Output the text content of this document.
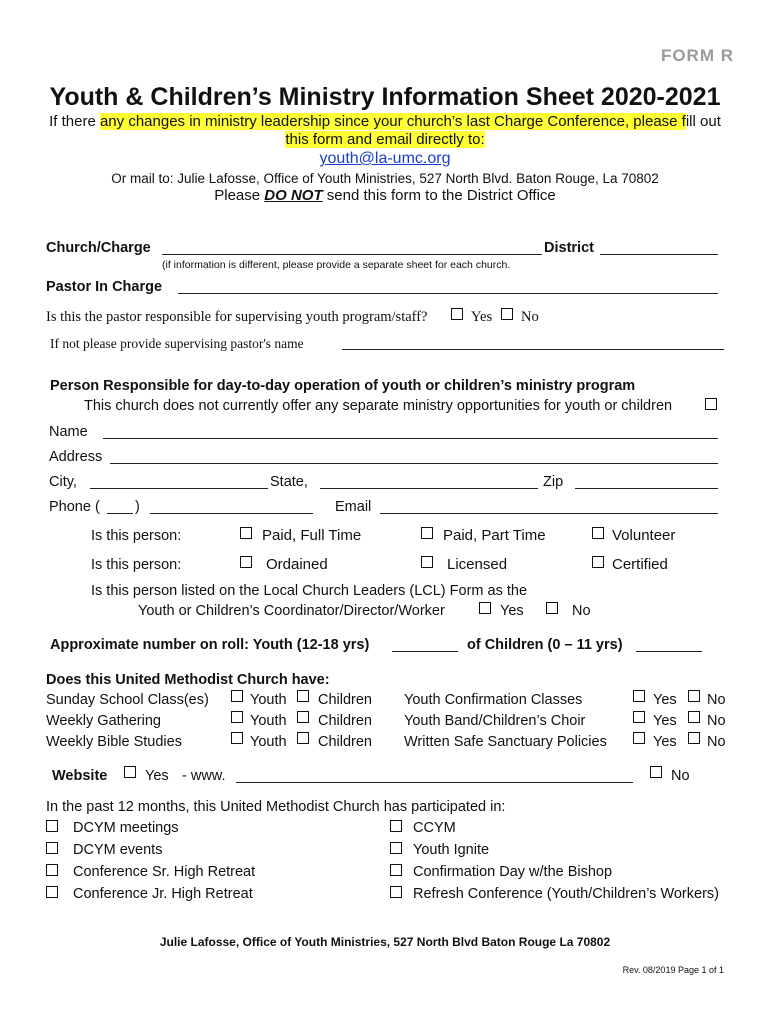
FORM R
Youth & Children’s Ministry Information Sheet 2020-2021
If there any changes in ministry leadership since your church’s last Charge Conference, please fill out
this form and email directly to:
youth@la-umc.org
Or mail to: Julie Lafosse, Office of Youth Ministries, 527 North Blvd. Baton Rouge, La 70802
Please DO NOT send this form to the District Office
Church/Charge	District
(if information is different, please provide a separate sheet for each church.
Pastor In Charge
Is this the pastor responsible for supervising youth program/staff?	Yes No
If not please provide supervising pastor's name
Person Responsible for day-to-day operation of youth or children’s ministry program
This church does not currently offer any separate ministry opportunities for youth or children
Name
Address
City,	State,	Zip
Phone ( )	Email
Is this person:	Paid, Full Time	Paid, Part Time	Volunteer
Is this person:	Ordained	Licensed	Certified
Is this person listed on the Local Church Leaders (LCL) Form as the
Youth or Children’s Coordinator/Director/Worker	Yes	No
Approximate number on roll: Youth (12-18 yrs)	of Children (0 – 11 yrs)
Does this United Methodist Church have:
Sunday School Class(es)	Youth Children
Weekly Gathering	Youth Children
Weekly Bible Studies	Youth Children
Youth Confirmation Classes	Yes No
Youth Band/Children’s Choir	Yes No
Written Safe Sanctuary Policies	Yes No
Website	Yes - www.	No
In the past 12 months, this United Methodist Church has participated in:
DCYM meetings
DCYM events
Conference Sr. High Retreat
Conference Jr. High Retreat
CCYM
Youth Ignite
Confirmation Day w/the Bishop
Refresh Conference (Youth/Children’s Workers)
Julie Lafosse, Office of Youth Ministries, 527 North Blvd Baton Rouge La 70802
Rev. 08/2019 Page 1 of 1
